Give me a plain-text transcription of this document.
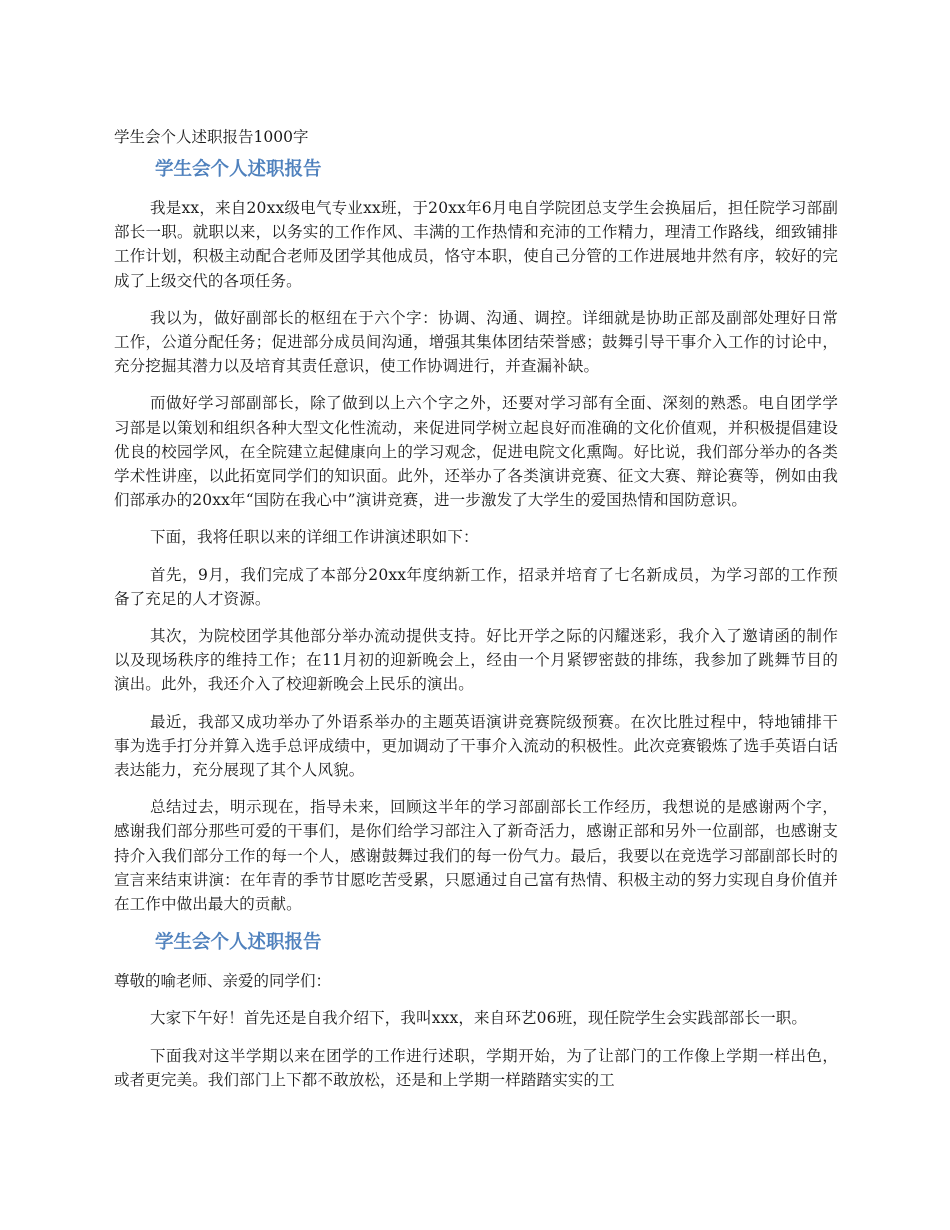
学生会个人述职报告1000字
学生会个人述职报告

我是xx，来自20xx级电气专业xx班，于20xx年6月电自学院团总支学生会换届后，担任院学习部副部长一职。就职以来，以务实的工作作风、丰满的工作热情和充沛的工作精力，理清工作路线，细致铺排工作计划，积极主动配合老师及团学其他成员，恪守本职，使自己分管的工作进展地井然有序，较好的完成了上级交代的各项任务。

我以为，做好副部长的枢纽在于六个字：协调、沟通、调控。详细就是协助正部及副部处理好日常工作，公道分配任务；促进部分成员间沟通，增强其集体团结荣誉感；鼓舞引导干事介入工作的讨论中，充分挖掘其潜力以及培育其责任意识，使工作协调进行，并查漏补缺。

而做好学习部副部长，除了做到以上六个字之外，还要对学习部有全面、深刻的熟悉。电自团学学习部是以策划和组织各种大型文化性流动，来促进同学树立起良好而准确的文化价值观，并积极提倡建设优良的校园学风，在全院建立起健康向上的学习观念，促进电院文化熏陶。好比说，我们部分举办的各类学术性讲座，以此拓宽同学们的知识面。此外，还举办了各类演讲竞赛、征文大赛、辩论赛等，例如由我们部承办的20xx年“国防在我心中”演讲竞赛，进一步激发了大学生的爱国热情和国防意识。

下面，我将任职以来的详细工作讲演述职如下：

首先，9月，我们完成了本部分20xx年度纳新工作，招录并培育了七名新成员，为学习部的工作预备了充足的人才资源。

其次，为院校团学其他部分举办流动提供支持。好比开学之际的闪耀迷彩，我介入了邀请函的制作以及现场秩序的维持工作；在11月初的迎新晚会上，经由一个月紧锣密鼓的排练，我参加了跳舞节目的演出。此外，我还介入了校迎新晚会上民乐的演出。

最近，我部又成功举办了外语系举办的主题英语演讲竞赛院级预赛。在次比胜过程中，特地铺排干事为选手打分并算入选手总评成绩中，更加调动了干事介入流动的积极性。此次竞赛锻炼了选手英语白话表达能力，充分展现了其个人风貌。

总结过去，明示现在，指导未来，回顾这半年的学习部副部长工作经历，我想说的是感谢两个字，感谢我们部分那些可爱的干事们，是你们给学习部注入了新奇活力，感谢正部和另外一位副部，也感谢支持介入我们部分工作的每一个人，感谢鼓舞过我们的每一份气力。最后，我要以在竞选学习部副部长时的宣言来结束讲演：在年青的季节甘愿吃苦受累，只愿通过自己富有热情、积极主动的努力实现自身价值并在工作中做出最大的贡献。

学生会个人述职报告

尊敬的喻老师、亲爱的同学们：

大家下午好！首先还是自我介绍下，我叫xxx，来自环艺06班，现任院学生会实践部部长一职。

下面我对这半学期以来在团学的工作进行述职，学期开始，为了让部门的工作像上学期一样出色，或者更完美。我们部门上下都不敢放松，还是和上学期一样踏踏实实的工
